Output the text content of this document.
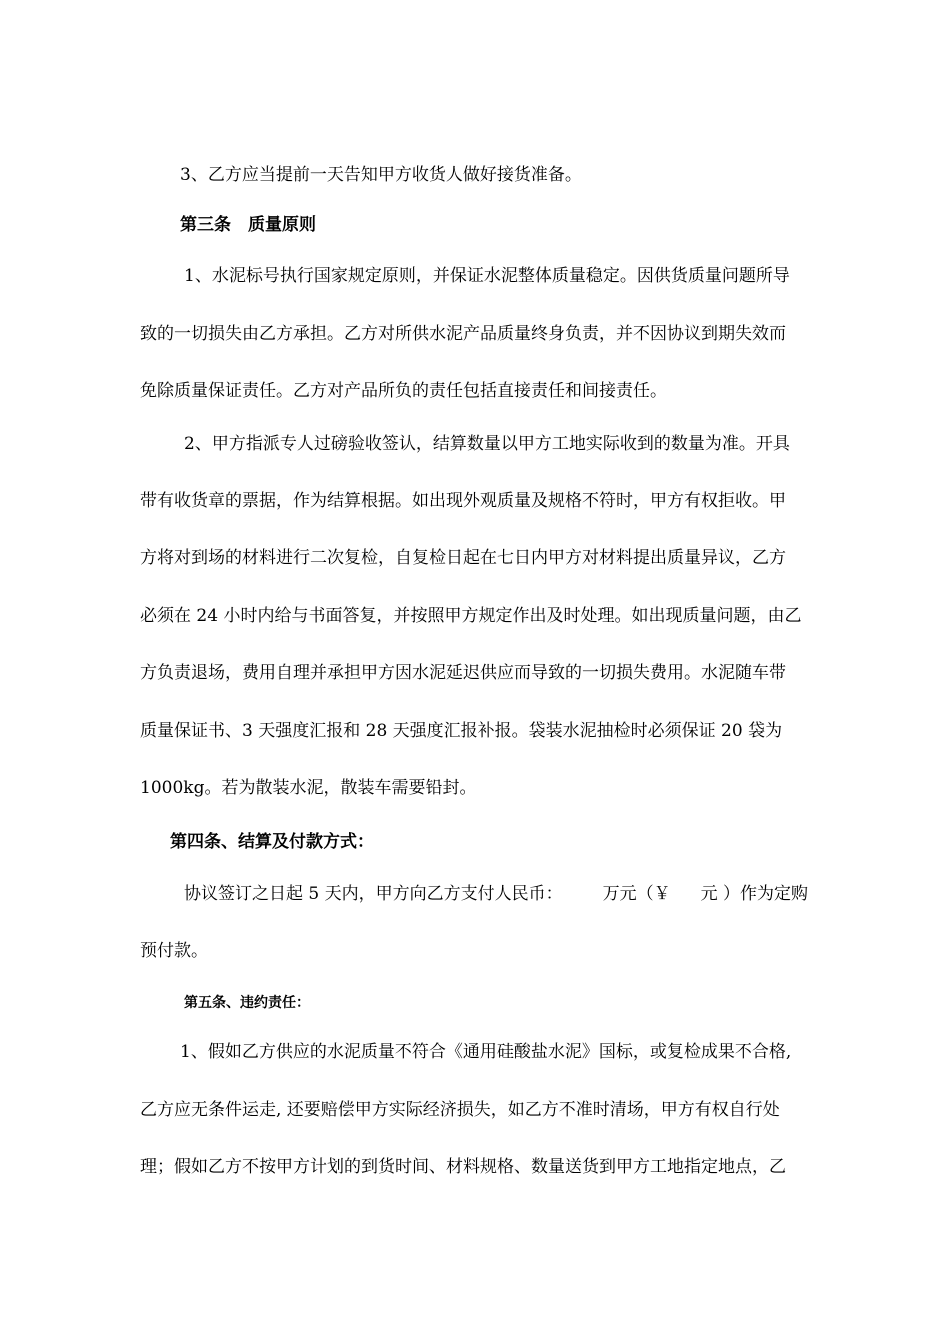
3、乙方应当提前一天告知甲方收货人做好接货准备。
第三条　质量原则
1、水泥标号执行国家规定原则，并保证水泥整体质量稳定。因供货质量问题所导
致的一切损失由乙方承担。乙方对所供水泥产品质量终身负责，并不因协议到期失效而
免除质量保证责任。乙方对产品所负的责任包括直接责任和间接责任。
2、甲方指派专人过磅验收签认，结算数量以甲方工地实际收到的数量为准。开具
带有收货章的票据，作为结算根据。如出现外观质量及规格不符时，甲方有权拒收。甲
方将对到场的材料进行二次复检，自复检日起在七日内甲方对材料提出质量异议，乙方
必须在 24 小时内给与书面答复，并按照甲方规定作出及时处理。如出现质量问题，由乙
方负责退场，费用自理并承担甲方因水泥延迟供应而导致的一切损失费用。水泥随车带
质量保证书、3 天强度汇报和 28 天强度汇报补报。袋装水泥抽检时必须保证 20 袋为
1000kg。若为散装水泥，散装车需要铅封。
第四条、结算及付款方式：
协议签订之日起 5 天内，甲方向乙方支付人民币： 万元（￥ 元 ）作为定购
预付款。
第五条、违约责任：
1、假如乙方供应的水泥质量不符合《通用硅酸盐水泥》国标，或复检成果不合格,
乙方应无条件运走, 还要赔偿甲方实际经济损失，如乙方不准时清场，甲方有权自行处
理；假如乙方不按甲方计划的到货时间、材料规格、数量送货到甲方工地指定地点，乙
